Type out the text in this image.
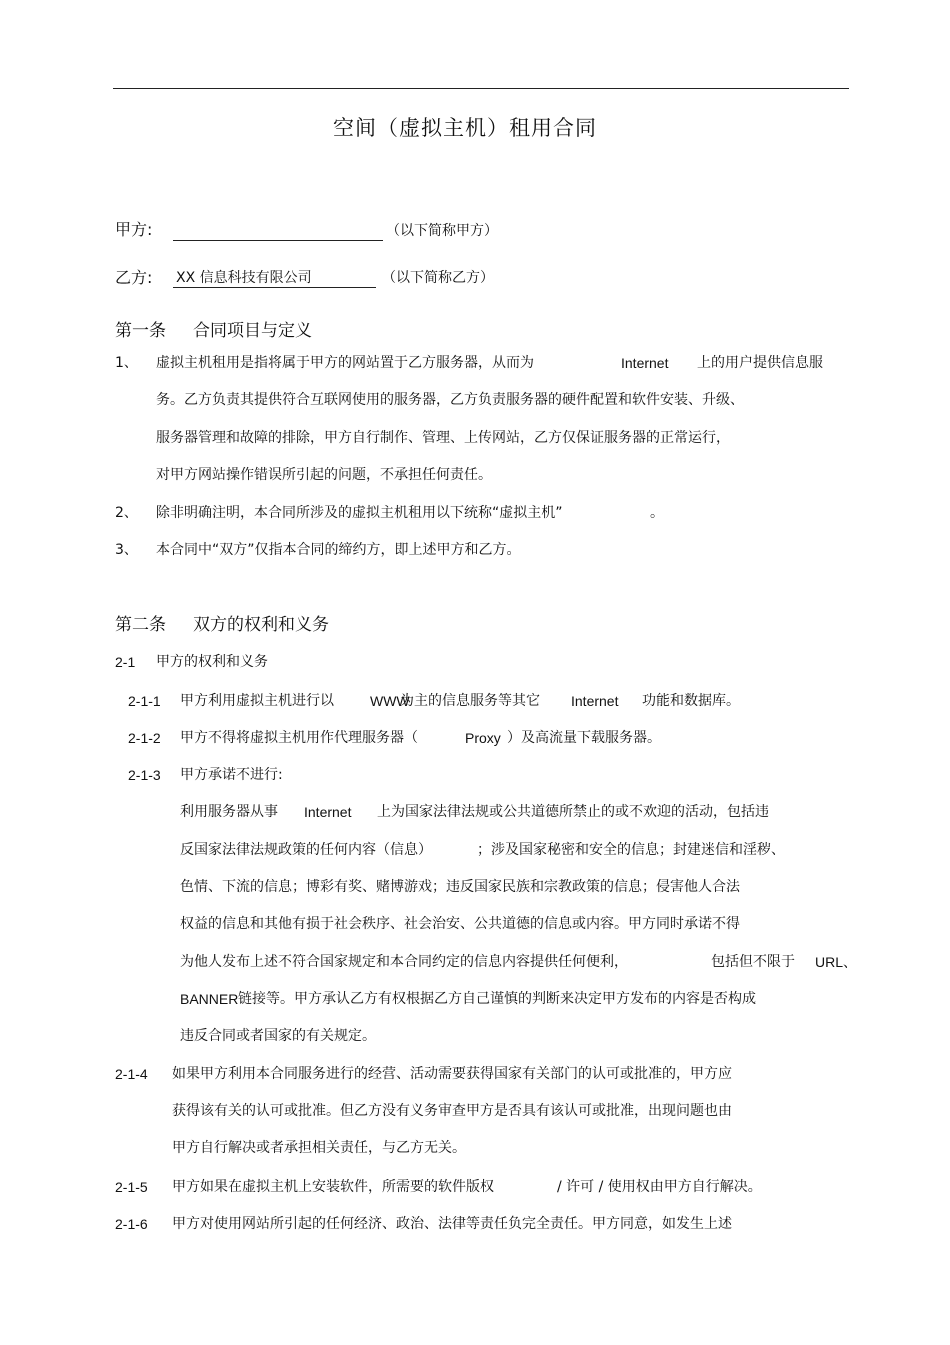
空间（虚拟主机）租用合同
甲方:	（以下简称甲方）
乙方: XX 信息科技有限公司	（以下简称乙方）
第一条 合同项目与定义
1、 虚拟主机租用是指将属于甲方的网站置于乙方服务器，从而为	Internet 上的用户提供信息服
务。乙方负责其提供符合互联网使用的服务器，乙方负责服务器的硬件配置和软件安装、升级、
服务器管理和故障的排除，甲方自行制作、管理、上传网站，乙方仅保证服务器的正常运行，
对甲方网站操作错误所引起的问题，不承担任何责任。
2、 除非明确注明，本合同所涉及的虚拟主机租用以下统称“虚拟主机”	。
3、 本合同中“双方”仅指本合同的缔约方，即上述甲方和乙方。
第二条 双方的权利和义务
2-1 甲方的权利和义务
2-1-1 甲方利用虚拟主机进行以	WWW
为主的信息服务等其它 Internet 功能和数据库。
2-1-2 甲方不得将虚拟主机用作代理服务器（	Proxy ）及高流量下载服务器。
2-1-3 甲方承诺不进行:
利用服务器从事 Internet 上为国家法律法规或公共道德所禁止的或不欢迎的活动，包括违
反国家法律法规政策的任何内容（信息）	；涉及国家秘密和安全的信息；封建迷信和淫秽、
色情、下流的信息；博彩有奖、赌博游戏；违反国家民族和宗教政策的信息；侵害他人合法
权益的信息和其他有损于社会秩序、社会治安、公共道德的信息或内容。甲方同时承诺不得
为他人发布上述不符合国家规定和本合同约定的信息内容提供任何便利，	包括但不限于 URL、
BANNER 链接等。甲方承认乙方有权根据乙方自己谨慎的判断来决定甲方发布的内容是否构成
违反合同或者国家的有关规定。
2-1-4 如果甲方利用本合同服务进行的经营、活动需要获得国家有关部门的认可或批准的，甲方应
获得该有关的认可或批准。但乙方没有义务审查甲方是否具有该认可或批准，出现问题也由
甲方自行解决或者承担相关责任，与乙方无关。
2-1-5 甲方如果在虚拟主机上安装软件，所需要的软件版权	/ 许可 / 使用权由甲方自行解决。
2-1-6 甲方对使用网站所引起的任何经济、政治、法律等责任负完全责任。甲方同意，如发生上述
